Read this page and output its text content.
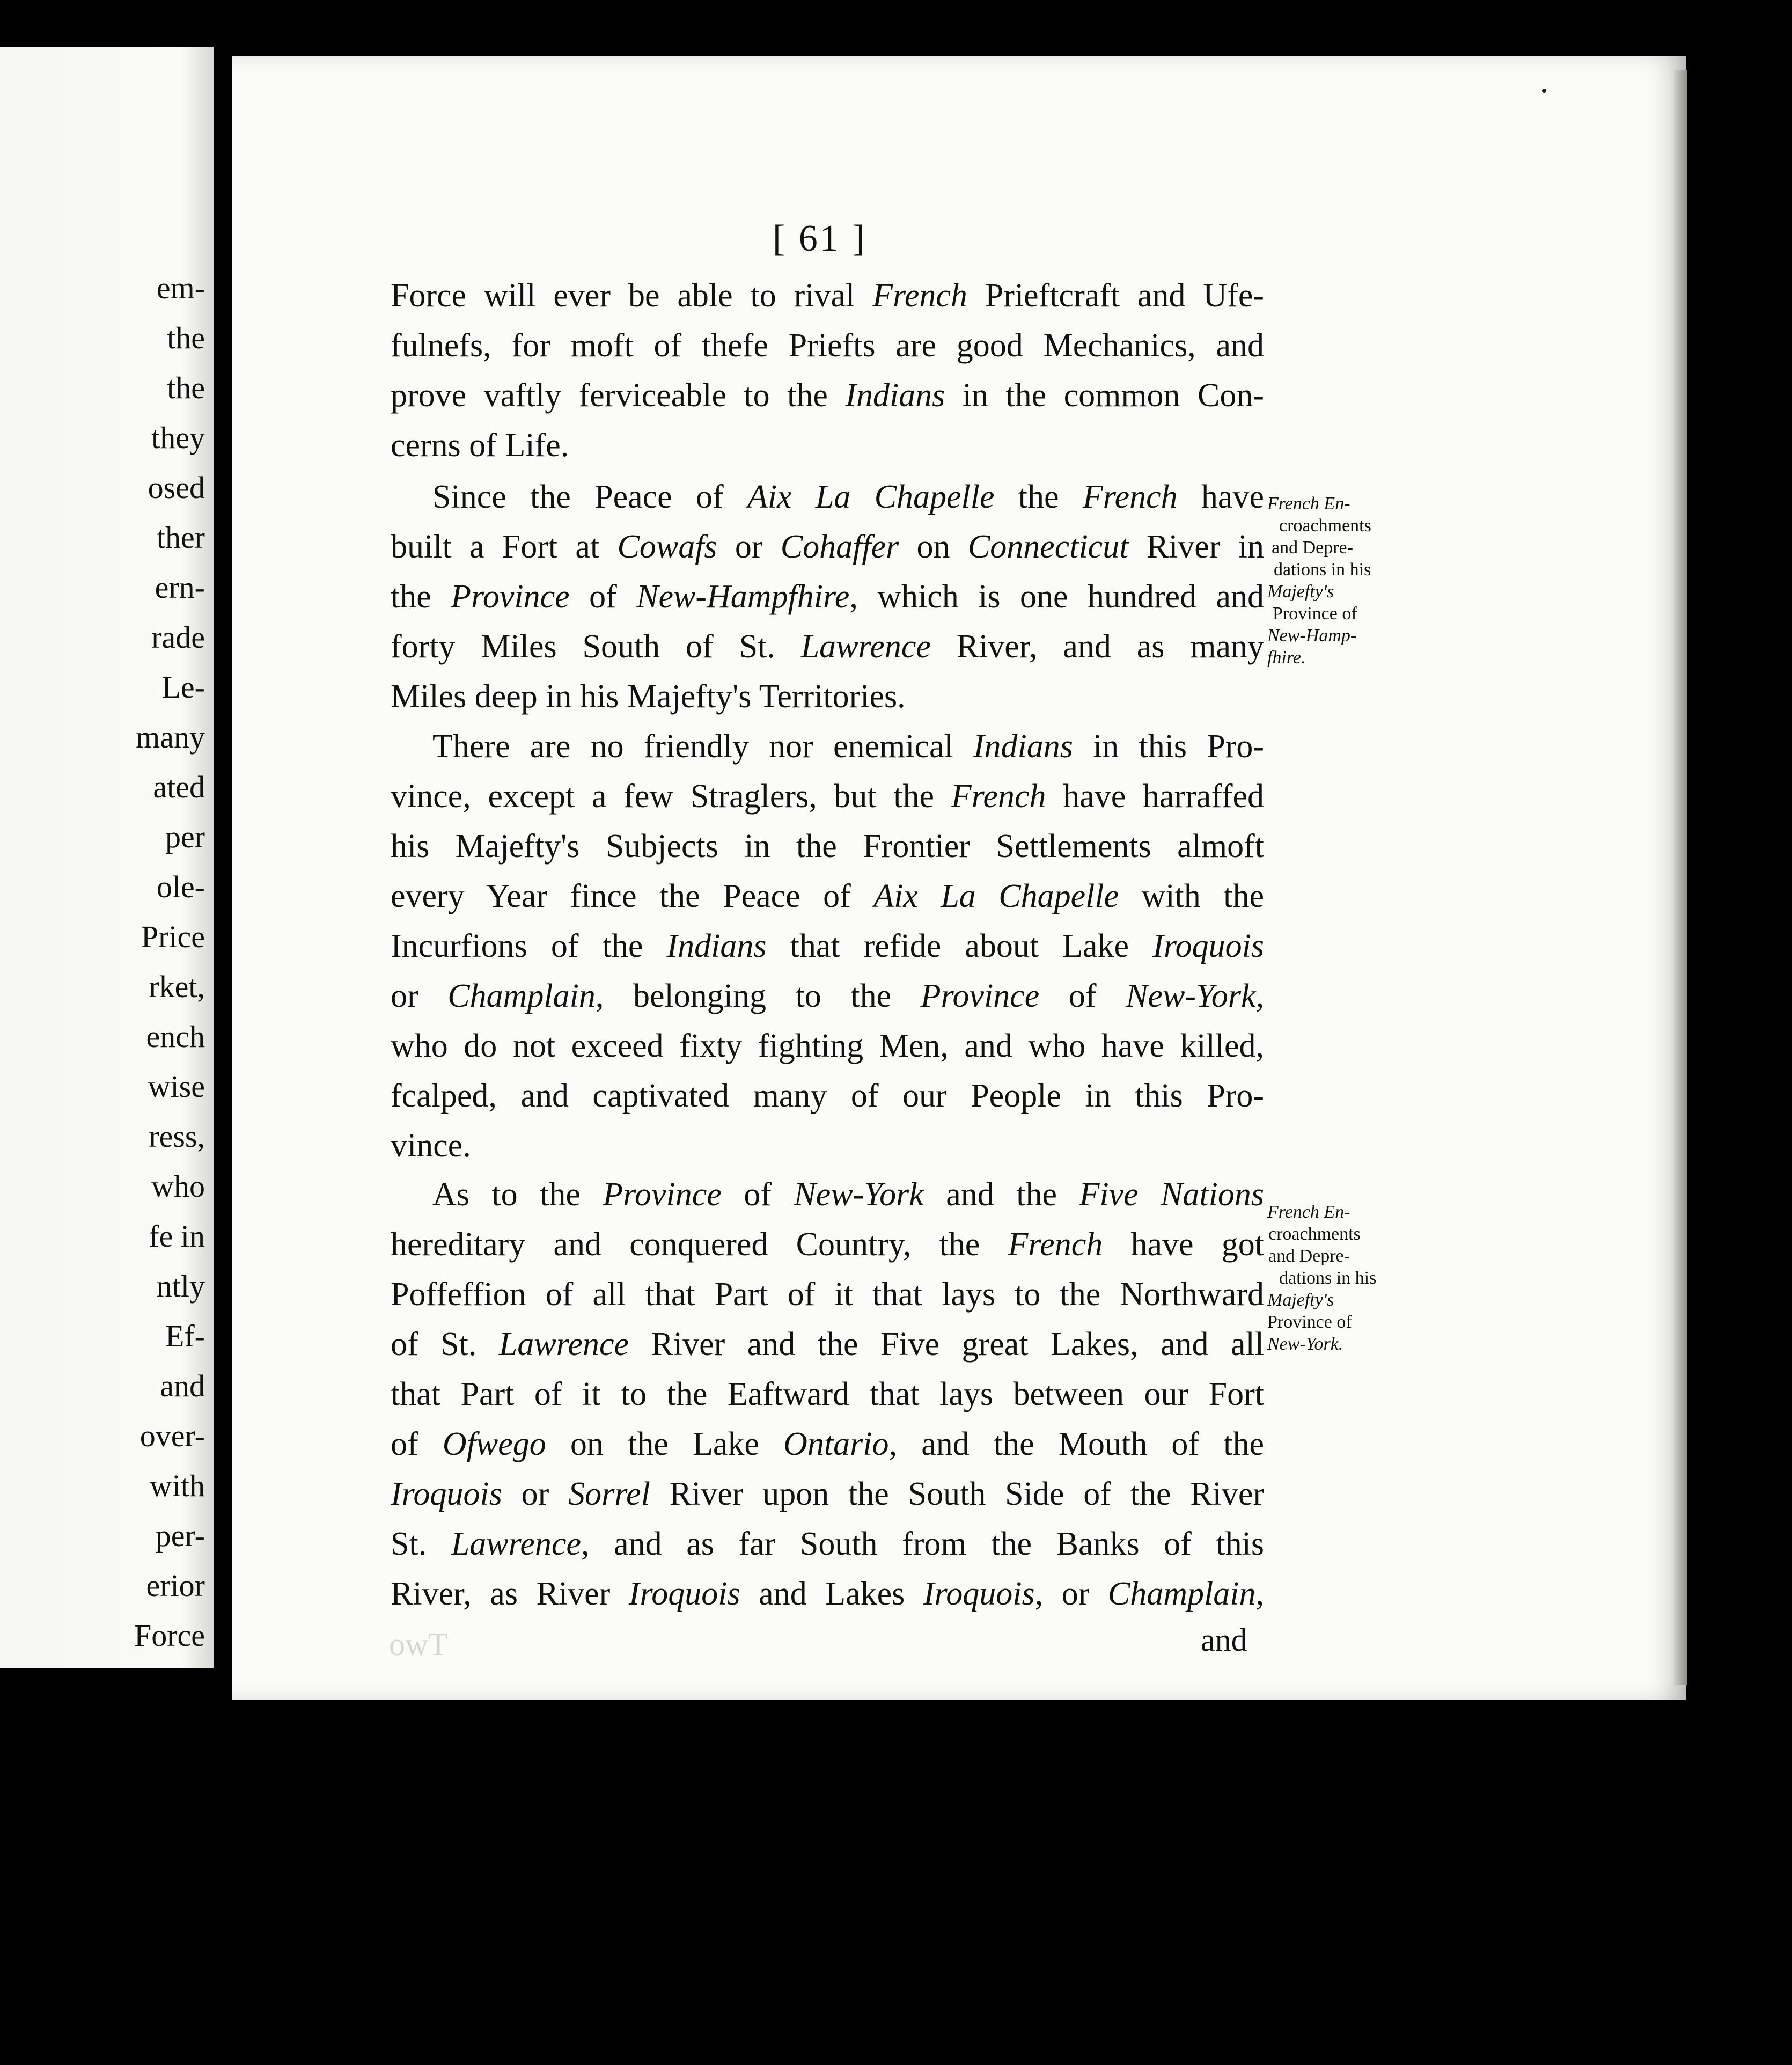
em-
the
the
they
osed
ther
ern-
rade
Le-
many
ated
per
ole-
Price
rket,
ench
wise
ress,
who
fe in
ntly
Ef-
and
over-
with
per-
erior
Force
[ 61 ]
Force will ever be able to rival French Prieftcraft and Ufe-
fulnefs, for moft of thefe Priefts are good Mechanics, and
prove vaftly ferviceable to the Indians in the common Con-
cerns of Life.
Since the Peace of Aix La Chapelle the French have
built a Fort at Cowafs or Cohaffer on Connecticut River in
the Province of New-Hampfhire, which is one hundred and
forty Miles South of St. Lawrence River, and as many
Miles deep in his Majefty's Territories.
There are no friendly nor enemical Indians in this Pro-
vince, except a few Straglers, but the French have harraffed
his Majefty's Subjects in the Frontier Settlements almoft
every Year fince the Peace of Aix La Chapelle with the
Incurfions of the Indians that refide about Lake Iroquois
or Champlain, belonging to the Province of New-York,
who do not exceed fixty fighting Men, and who have killed,
fcalped, and captivated many of our People in this Pro-
vince.
As to the Province of New-York and the Five Nations
hereditary and conquered Country, the French have got
Poffeffion of all that Part of it that lays to the Northward
of St. Lawrence River and the Five great Lakes, and all
that Part of it to the Eaftward that lays between our Fort
of Ofwego on the Lake Ontario, and the Mouth of the
Iroquois or Sorrel River upon the South Side of the River
St. Lawrence, and as far South from the Banks of this
River, as River Iroquois and Lakes Iroquois, or Champlain,
French En-
croachments
and Depre-
dations in his
Majefty's
Province of
New-Hamp-
fhire.
French En-
croachments
and Depre-
dations in his
Majefty's
Province of
New-York.
owT	and
